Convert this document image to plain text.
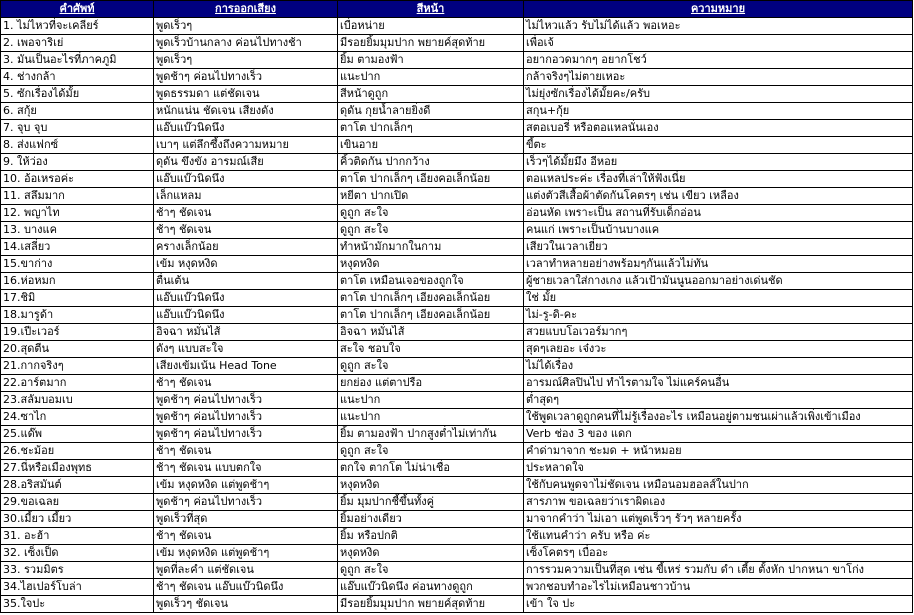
คำศัพท์	การออกเสียง	สีหน้า	ความหมาย
1. ไม่ไหวที่จะเคลียร์	พูดเร็วๆ	เบื่อหน่าย	ไม่ไหวแล้ว รับไม่ได้แล้ว พอเหอะ
2. เพอจาริเย่	พูดเร็วบ้านกลาง ค่อนไปทางช้า	มีรอยยิ้มมุมปาก พยายค์สุดท้าย	เพื่อเจ้
3. มันเป็นอะไรที่ภาคภูมิ	พูดเร็วๆ	ยิ้ม ตามองฟ้า	อยากอวดมากๆ อยากโชว์
4. ช่างกล้า	พูดช้าๆ ค่อนไปทางเร็ว	แนะปาก	กล้าจริงๆไม่ตายเหอะ
5. ซักเรื่องได้มั้ย	พูดธรรมดา แต่ชัดเจน	สีหน้าดูถูก	ไม่ยุ่งซักเรื่องได้มั้ยคะ/ครับ
6. สกุ้ย	หนักแน่น ชัดเจน เสียงดัง	ดุดัน กุยน้ำลายยิ่งดี	สกุน+กุ้ย
7. จุบ จุบ	แอ๊บแบ๊วนิดนึง	ตาโต ปากเล็กๆ	สตอเบอรี่ หรือตอแหลนั่นเอง
8. ส่งแฟกซ์	เบาๆ แต่ลึกซึ้งถึงความหมาย	เขินอาย	ขี้ตะ
9. ให้ว่อง	ดุดัน ขึงขัง อารมณ์เสีย	คิ้วติดกัน ปากกว้าง	เร็วๆได้มั้ยมึง อีหอย
10. อ้อเหรอค่ะ	แอ๊บแบ๊วนิดนึง	ตาโต ปากเล็กๆ เอียงคอเล็กน้อย	ตอแหลประค่ะ เรื่องที่เล่าให้ฟังเนี่ย
11. สลึมมาก	เล็กแหลม	หยีตา ปากเปิด	แต่งตัวสีเสื้อผ้าตัดกันโคตรๆ เช่น เขียว เหลือง
12. พญาไท	ช้าๆ ชัดเจน	ดูถูก สะใจ	อ่อนหัด เพราะเป็น สถานที่รับเด็กอ่อน
13. บางแค	ช้าๆ ชัดเจน	ดูถูก สะใจ	คนแก่ เพราะเป็นบ้านบางแค
14.เสลี่ยว	ครางเล็กน้อย	ทำหน้ามักมากในกาม	เสียวในเวลาเยี่ยว
15.ขาก่าง	เข้ม หงุดหงิด	หงุดหงิด	เวลาทำหลายอย่างพร้อมๆกันแล้วไม่ทัน
16.ห่อหมก	ตื่นเต้น	ตาโต เหมือนเจอของถูกใจ	ผู้ชายเวลาใส่กางเกง แล้วเป้ามันนูนออกมาอย่างเด่นชัด
17.ชิมิ	แอ๊บแบ๊วนิดนึง	ตาโต ปากเล็กๆ เอียงคอเล็กน้อย	ใช่ มั้ย
18.มารูด้า	แอ๊บแบ๊วนิดนึง	ตาโต ปากเล็กๆ เอียงคอเล็กน้อย	ไม่-รู-ดิ-คะ
19.เปีะเวอร์	อิจฉา หมั่นไส้	อิจฉา หมั่นไส้	สวยแบบโอเวอร์มากๆ
20.สุดตีน	ดังๆ แบบสะใจ	สะใจ ชอบใจ	สุดๆเลยอะ เจ๋งวะ
21.กากจริงๆ	เสียงเข้มเน้น Head Tone	ดูถูก สะใจ	ไม่ได้เรื่อง
22.อาร์ตมาก	ช้าๆ ชัดเจน	ยกย่อง แต่ตาปรือ	อารมณ์ศิลปินไป ทำไรตามใจ ไม่แคร์คนอื่น
23.สลัมบอมเบ	พูดช้าๆ ค่อนไปทางเร็ว	แนะปาก	ต่ำสุดๆ
24.ซาไก	พูดช้าๆ ค่อนไปทางเร็ว	แนะปาก	ใช้พูดเวลาดูถูกคนที่ไม่รู้เรื่องอะไร เหมือนอยู่ตามชนเผ่าแล้วเพิ่งเข้าเมือง
25.แด๊พ	พูดช้าๆ ค่อนไปทางเร็ว	ยิ้ม ตามองฟ้า ปากสูงต่ำไม่เท่ากัน	Verb ช่อง 3 ของ แดก
26.ชะม้อย	ช้าๆ ชัดเจน	ดูถูก สะใจ	คำด่ามาจาก ชะมด + หน้าหมอย
27.นี่หรือเมืองพุทธ	ช้าๆ ชัดเจน แบบตกใจ	ตกใจ ตากโต ไม่น่าเชื่อ	ประหลาดใจ
28.อริสมันต์	เข้ม หงุดหงิด แต่พูดช้าๆ	หงุดหงิด	ใช้กับคนพูดจาไม่ชัดเจน เหมือนอมฮอลส์ในปาก
29.ขอเฉลย	พูดช้าๆ ค่อนไปทางเร็ว	ยิ้ม มุมปากชี้ขึ้นทั้งคู่	สารภาพ ขอเฉลยว่าเราผิดเอง
30.เมี้ยว เมี้ยว	พูดเร็วที่สุด	ยิ้มอย่างเดียว	มาจากคำว่า ไม่เอา แต่พูดเร็วๆ รัวๆ หลายครั้ง
31. อะฮ้า	ช้าๆ ชัดเจน	ยิ้ม หรือปกติ	ใช้แทนคำว่า ครับ หรือ ค่ะ
32. เซ็งเป็ด	เข้ม หงุดหงิด แต่พูดช้าๆ	หงุดหงิด	เซ็งโคตรๆ เบื่ออะ
33. รวมมิตร	พูดที่ละคำ แต่ชัดเจน	ดูถูก สะใจ	การรวมความเป็นที่สุด เช่น ขี้เหร่ รวมกับ ดำ เตี้ย ตั้งหัก ปากหนา ขาโก่ง
34.ไฮเปอร์โบล่า	ช้าๆ ชัดเจน แอ๊บแบ๊วนิดนึง	แอ๊บแบ๊วนิดนึง ค่อนทางดูถูก	พวกชอบทำอะไรไม่เหมือนชาวบ้าน
35.ใจปะ	พูดเร็วๆ ชัดเจน	มีรอยยิ้มมุมปาก พยายค์สุดท้าย	เข้า ใจ ปะ
